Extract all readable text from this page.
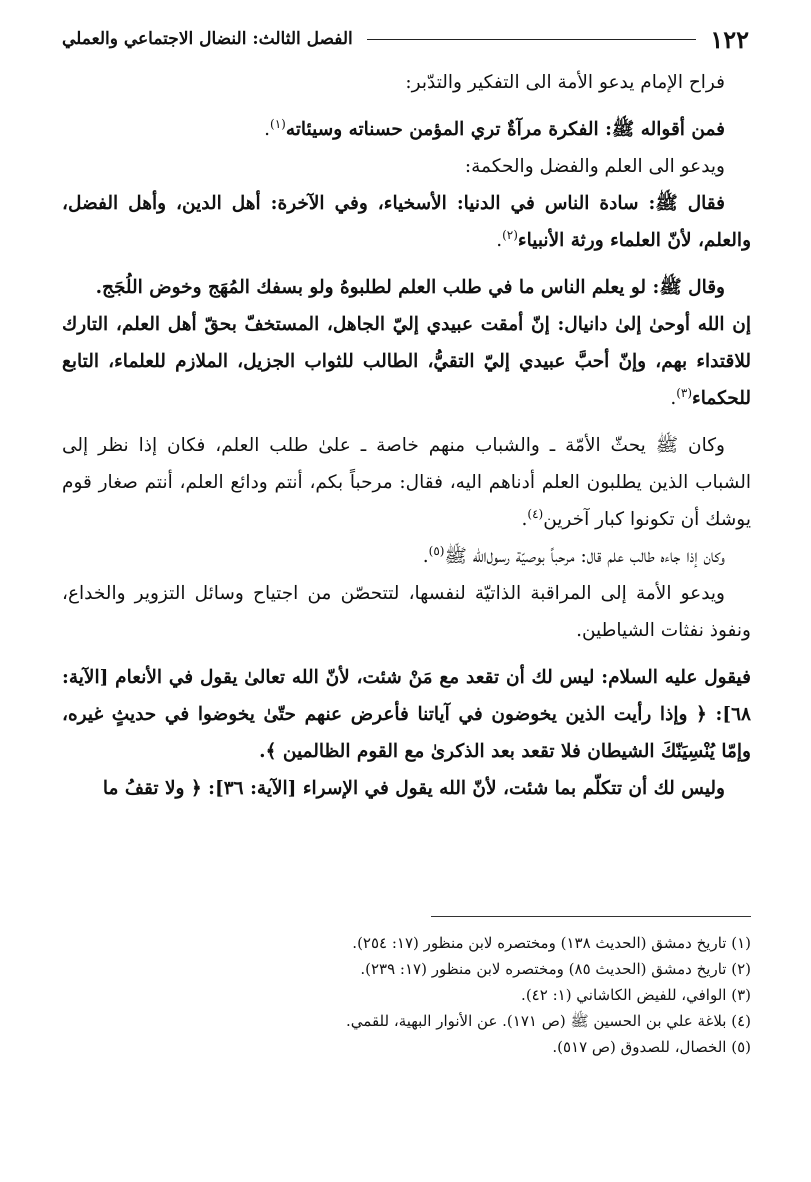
الفصل الثالث: النضال الاجتماعي والعملي	١٢٢

فراح الإمام يدعو الأمة الى التفكير والتدّبر:

فمن أقواله ﷺ: الفكرة مرآةٌ تري المؤمن حسناته وسيئاته$^{(١)}$.

ويدعو الى العلم والفضل والحكمة:

فقال ﷺ: سادة الناس في الدنيا: الأسخياء، وفي الآخرة: أهل الدين، وأهل الفضل، والعلم، لأنّ العلماء ورثة الأنبياء$^{(٢)}$.

وقال ﷺ: لو يعلم الناس ما في طلب العلم لطلبوهُ ولو بسفك المُهَج وخوض اللُجَج.

إن الله أوحىٰ إلىٰ دانيال: إنّ أمقت عبيدي إليّ الجاهل، المستخفّ بحقّ أهل العلم، التارك للاقتداء بهم، وإنّ أحبَّ عبيدي إليّ التقيُّ، الطالب للثواب الجزيل، الملازم للعلماء، التابع للحكماء$^{(٣)}$.

وكان ﷺ يحثّ الأمّة ـ والشباب منهم خاصة ـ علىٰ طلب العلم، فكان إذا نظر إلى الشباب الذين يطلبون العلم أدناهم اليه، فقال: مرحباً بكم، أنتم ودائع العلم، أنتم صغار قوم يوشك أن تكونوا كبار آخرين$^{(٤)}$.

وكان إذا جاءه طالب علم قال: مرحباً بوصيّة رسول‌الله ﷺ$^{(٥)}$.

ويدعو الأمة إلى المراقبة الذاتيّة لنفسها، لتتحصّن من اجتياح وسائل التزوير والخداع، ونفوذ نفثات الشياطين.

فيقول عليه السلام: ليس لك أن تقعد مع مَنْ شئت، لأنّ الله تعالىٰ يقول في الأنعام [الآية: ٦٨]: ﴿ وإذا رأيت الذين يخوضون في آياتنا فأعرض عنهم حتّىٰ يخوضوا في حديثٍ غيره، وإمّا يُنْسِيَنّكَ الشيطان فلا تقعد بعد الذكرىٰ مع القوم الظالمين ﴾.

وليس لك أن تتكلّم بما شئت، لأنّ الله يقول في الإسراء [الآية: ٣٦]: ﴿ ولا تقفُ ما

(١) تاريخ دمشق (الحديث ١٣٨) ومختصره لابن منظور (١٧: ٢٥٤).
(٢) تاريخ دمشق (الحديث ٨٥) ومختصره لابن منظور (١٧: ٢٣٩).
(٣) الوافي، للفيض الكاشاني (١: ٤٢).
(٤) بلاغة علي بن الحسين ﷺ (ص ١٧١). عن الأنوار البهية، للقمي.
(٥) الخصال، للصدوق (ص ٥١٧).
